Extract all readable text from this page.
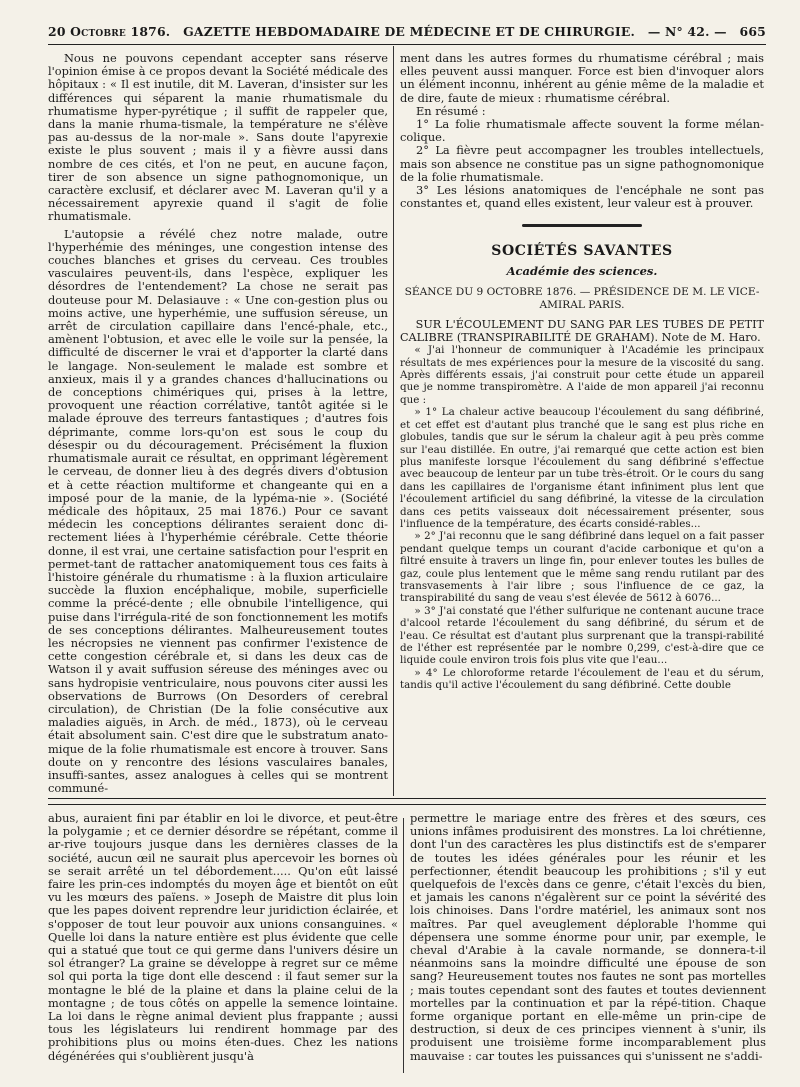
20 Octobre 1876. GAZETTE HEBDOMADAIRE DE MÉDECINE ET DE CHIRURGIE. — N° 42. — 665

Nous ne pouvons cependant accepter sans réserve l'opinion émise à ce propos devant la Société médicale des hôpitaux : « Il est inutile, dit M. Laveran, d'insister sur les différences qui séparent la manie rhumatismale du rhumatisme hyper-pyrétique ; il suffit de rappeler que, dans la manie rhuma-tismale, la température ne s'élève pas au-dessus de la nor-male ». Sans doute l'apyrexie existe le plus souvent ; mais il y a fièvre aussi dans nombre de ces cités, et l'on ne peut, en aucune façon, tirer de son absence un signe pathognomonique, un caractère exclusif, et déclarer avec M. Laveran qu'il y a nécessairement apyrexie quand il s'agit de folie rhumatismale.

L'autopsie a révélé chez notre malade, outre l'hyperhémie des méninges, une congestion intense des couches blanches et grises du cerveau. Ces troubles vasculaires peuvent-ils, dans l'espèce, expliquer les désordres de l'entendement? La chose ne serait pas douteuse pour M. Delasiauve : « Une con-gestion plus ou moins active, une hyperhémie, une suffusion séreuse, un arrêt de circulation capillaire dans l'encé-phale, etc., amènent l'obtusion, et avec elle le voile sur la pensée, la difficulté de discerner le vrai et d'apporter la clarté dans le langage. Non-seulement le malade est sombre et anxieux, mais il y a grandes chances d'hallucinations ou de conceptions chimériques qui, prises à la lettre, provoquent une réaction corrélative, tantôt agitée si le malade éprouve des terreurs fantastiques ; d'autres fois déprimante, comme lors-qu'on est sous le coup du désespir ou du découragement. Précisément la fluxion rhumatismale aurait ce résultat, en opprimant légèrement le cerveau, de donner lieu à des degrés divers d'obtusion et à cette réaction multiforme et changeante qui en a imposé pour de la manie, de la lypéma-nie ». (Société médicale des hôpitaux, 25 mai 1876.) Pour ce savant médecin les conceptions délirantes seraient donc di-rectement liées à l'hyperhémie cérébrale. Cette théorie donne, il est vrai, une certaine satisfaction pour l'esprit en permet-tant de rattacher anatomiquement tous ces faits à l'histoire générale du rhumatisme : à la fluxion articulaire succède la fluxion encéphalique, mobile, superficielle comme la précé-dente ; elle obnubile l'intelligence, qui puise dans l'irrégula-rité de son fonctionnement les motifs de ses conceptions délirantes. Malheureusement toutes les nécropsies ne viennent pas confirmer l'existence de cette congestion cérébrale et, si dans les deux cas de Watson il y avait suffusion séreuse des méninges avec ou sans hydropisie ventriculaire, nous pouvons citer aussi les observations de Burrows (On Desorders of cerebral circulation), de Christian (De la folie consécutive aux maladies aiguës, in Arch. de méd., 1873), où le cerveau était absolument sain. C'est dire que le substratum anato-mique de la folie rhumatismale est encore à trouver. Sans doute on y rencontre des lésions vasculaires banales, insuffi-santes, assez analogues à celles qui se montrent communé-

ment dans les autres formes du rhumatisme cérébral ; mais elles peuvent aussi manquer. Force est bien d'invoquer alors un élément inconnu, inhérent au génie même de la maladie et de dire, faute de mieux : rhumatisme cérébral.

En résumé :

1° La folie rhumatismale affecte souvent la forme mélan-colique.

2° La fièvre peut accompagner les troubles intellectuels, mais son absence ne constitue pas un signe pathognomonique de la folie rhumatismale.

3° Les lésions anatomiques de l'encéphale ne sont pas constantes et, quand elles existent, leur valeur est à prouver.

SOCIÉTÉS SAVANTES
Académie des sciences.
SÉANCE DU 9 OCTOBRE 1876. — PRÉSIDENCE DE M. LE VICE-AMIRAL PARIS.

SUR L'ÉCOULEMENT DU SANG PAR LES TUBES DE PETIT CALIBRE (TRANSPIRABILITÉ DE GRAHAM). Note de M. Haro.

« J'ai l'honneur de communiquer à l'Académie les principaux résultats de mes expériences pour la mesure de la viscosité du sang. Après différents essais, j'ai construit pour cette étude un appareil que je nomme transpiromètre. A l'aide de mon appareil j'ai reconnu que :

» 1° La chaleur active beaucoup l'écoulement du sang défibriné, et cet effet est d'autant plus tranché que le sang est plus riche en globules, tandis que sur le sérum la chaleur agit à peu près comme sur l'eau distillée. En outre, j'ai remarqué que cette action est bien plus manifeste lorsque l'écoulement du sang défibriné s'effectue avec beaucoup de lenteur par un tube très-étroit. Or le cours du sang dans les capillaires de l'organisme étant infiniment plus lent que l'écoulement artificiel du sang défibriné, la vitesse de la circulation dans ces petits vaisseaux doit nécessairement présenter, sous l'influence de la température, des écarts considé-rables...

» 2° J'ai reconnu que le sang défibriné dans lequel on a fait passer pendant quelque temps un courant d'acide carbonique et qu'on a filtré ensuite à travers un linge fin, pour enlever toutes les bulles de gaz, coule plus lentement que le même sang rendu rutilant par des transvasements à l'air libre ; sous l'influence de ce gaz, la transpirabilité du sang de veau s'est élevée de 5612 à 6076...

» 3° J'ai constaté que l'éther sulfurique ne contenant aucune trace d'alcool retarde l'écoulement du sang défibriné, du sérum et de l'eau. Ce résultat est d'autant plus surprenant que la transpi-rabilité de l'éther est représentée par le nombre 0,299, c'est-à-dire que ce liquide coule environ trois fois plus vite que l'eau...

» 4° Le chloroforme retarde l'écoulement de l'eau et du sérum, tandis qu'il active l'écoulement du sang défibriné. Cette double

abus, auraient fini par établir en loi le divorce, et peut-être la polygamie ; et ce dernier désordre se répétant, comme il ar-rive toujours jusque dans les dernières classes de la société, aucun œil ne saurait plus apercevoir les bornes où se serait arrêté un tel débordement..... Qu'on eût laissé faire les prin-ces indomptés du moyen âge et bientôt on eût vu les mœurs des païens. » Joseph de Maistre dit plus loin que les papes doivent reprendre leur juridiction éclairée, et s'opposer de tout leur pouvoir aux unions consanguines. « Quelle loi dans la nature entière est plus évidente que celle qui a statué que tout ce qui germe dans l'univers désire un sol étranger? La graine se développe à regret sur ce même sol qui porta la tige dont elle descend : il faut semer sur la montagne le blé de la plaine et dans la plaine celui de la montagne ; de tous côtés on appelle la semence lointaine. La loi dans le règne animal devient plus frappante ; aussi tous les législateurs lui rendirent hommage par des prohibitions plus ou moins éten-dues. Chez les nations dégénérées qui s'oublièrent jusqu'à

permettre le mariage entre des frères et des sœurs, ces unions infâmes produisirent des monstres. La loi chrétienne, dont l'un des caractères les plus distinctifs est de s'emparer de toutes les idées générales pour les réunir et les perfectionner, étendit beaucoup les prohibitions ; s'il y eut quelquefois de l'excès dans ce genre, c'était l'excès du bien, et jamais les canons n'égalèrent sur ce point la sévérité des lois chinoises. Dans l'ordre matériel, les animaux sont nos maîtres. Par quel aveuglement déplorable l'homme qui dépensera une somme énorme pour unir, par exemple, le cheval d'Arabie à la cavale normande, se donnera-t-il néanmoins sans la moindre difficulté une épouse de son sang? Heureusement toutes nos fautes ne sont pas mortelles ; mais toutes cependant sont des fautes et toutes deviennent mortelles par la continuation et par la répé-tition. Chaque forme organique portant en elle-même un prin-cipe de destruction, si deux de ces principes viennent à s'unir, ils produisent une troisième forme incomparablement plus mauvaise : car toutes les puissances qui s'unissent ne s'addi-
